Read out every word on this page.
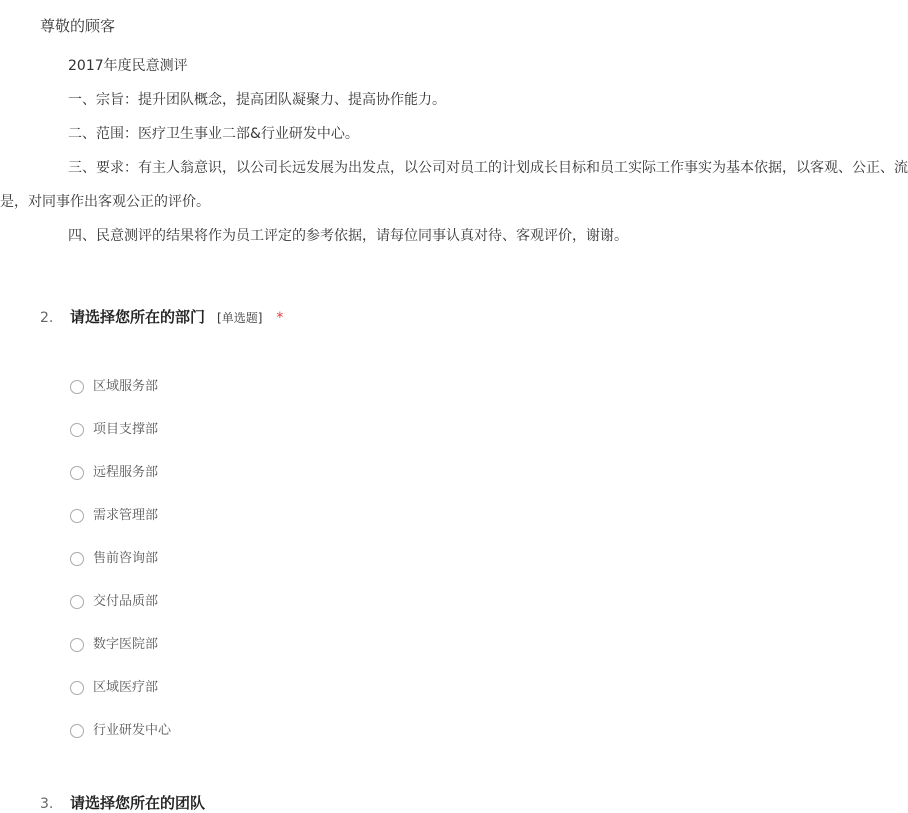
尊敬的顾客
2017年度民意测评
一、宗旨：提升团队概念，提高团队凝聚力、提高协作能力。
二、范围：医疗卫生事业二部&行业研发中心。
三、要求：有主人翁意识，以公司长远发展为出发点，以公司对员工的计划成长目标和员工实际工作事实为基本依据，以客观、公正、流
是，对同事作出客观公正的评价。
四、民意测评的结果将作为员工评定的参考依据，请每位同事认真对待、客观评价，谢谢。
2.	请选择您所在的部门 [单选题] *
区域服务部
项目支撑部
远程服务部
需求管理部
售前咨询部
交付品质部
数字医院部
区域医疗部
行业研发中心
3.	请选择您所在的团队
